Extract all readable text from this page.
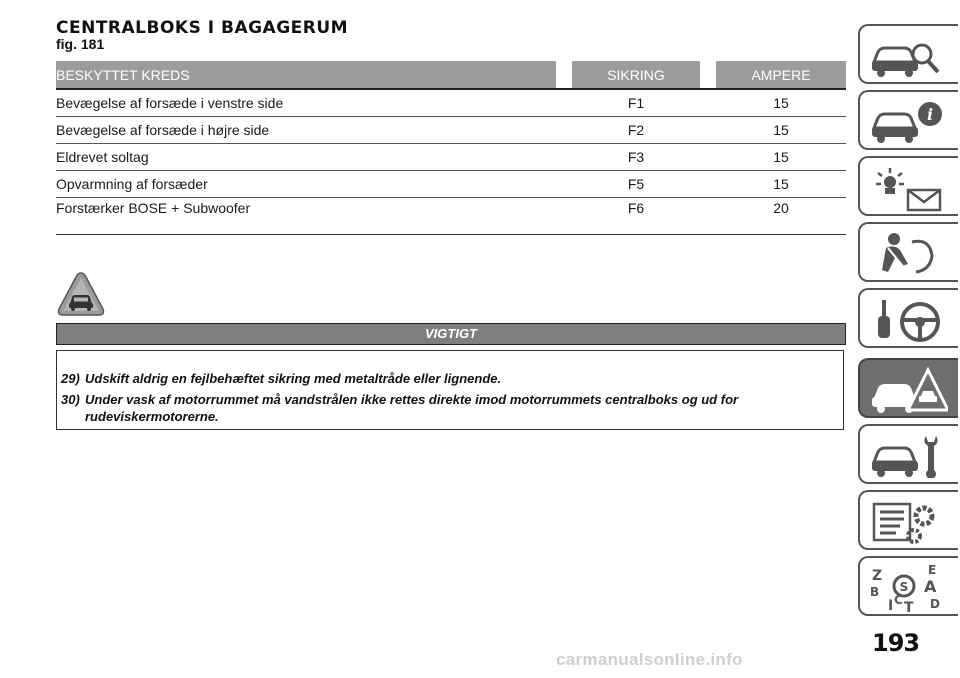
CENTRALBOKS I BAGAGERUM
fig. 181
BESKYTTET KREDS		SIKRING		AMPERE
Bevægelse af forsæde i venstre side		F1		15
Bevægelse af forsæde i højre side		F2		15
Eldrevet soltag		F3		15
Opvarmning af forsæder		F5		15
Forstærker BOSE + Subwoofer		F6		20
VIGTIGT
29) Udskift aldrig en fejlbehæftet sikring med metaltråde eller lignende.
30) Under vask af motorrummet må vandstrålen ikke rettes direkte imod motorrummets centralboks og ud for rudeviskermotorerne.
i
Z	E
B	A
I C T D
S
193
carmanualsonline.info
